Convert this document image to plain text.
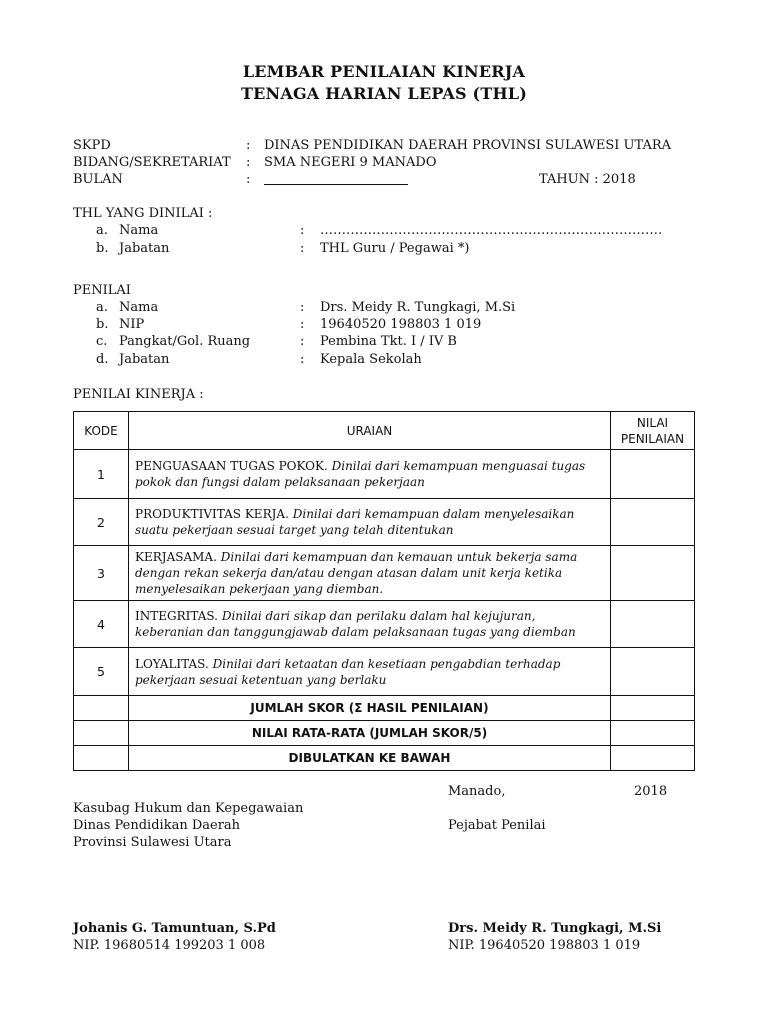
LEMBAR PENILAIAN KINERJA
TENAGA HARIAN LEPAS (THL)
SKPD	: DINAS PENDIDIKAN DAERAH PROVINSI SULAWESI UTARA
BIDANG/SEKRETARIAT : SMA NEGERI 9 MANADO
BULAN	:	TAHUN : 2018
THL YANG DINILAI :
a. Nama	: …………………………………………………………………….
b. Jabatan	: THL Guru / Pegawai *)
PENILAI
a. Nama	: Drs. Meidy R. Tungkagi, M.Si
b. NIP	: 19640520 198803 1 019
c. Pangkat/Gol. Ruang	: Pembina Tkt. I / IV B
d. Jabatan	: Kepala Sekolah
PENILAI KINERJA :
KODE	URAIAN	NILAI
PENILAIAN

1	PENGUASAAN TUGAS POKOK. Dinilai dari kemampuan menguasai tugas pokok dan fungsi dalam pelaksanaan pekerjaan	
2	PRODUKTIVITAS KERJA. Dinilai dari kemampuan dalam menyelesaikan suatu pekerjaan sesuai target yang telah ditentukan	
3	KERJASAMA. Dinilai dari kemampuan dan kemauan untuk bekerja sama dengan rekan sekerja dan/atau dengan atasan dalam unit kerja ketika menyelesaikan pekerjaan yang diemban.	
4	INTEGRITAS. Dinilai dari sikap dan perilaku dalam hal kejujuran, keberanian dan tanggungjawab dalam pelaksanaan tugas yang diemban	
5	LOYALITAS. Dinilai dari ketaatan dan kesetiaan pengabdian terhadap pekerjaan sesuai ketentuan yang berlaku	
	JUMLAH SKOR (Σ HASIL PENILAIAN)	
	NILAI RATA-RATA (JUMLAH SKOR/5)	
	DIBULATKAN KE BAWAH	
Manado,	2018
Kasubag Hukum dan Kepegawaian
Dinas Pendidikan Daerah	Pejabat Penilai
Provinsi Sulawesi Utara
Johanis G. Tamuntuan, S.Pd	Drs. Meidy R. Tungkagi, M.Si
NIP. 19680514 199203 1 008	NIP. 19640520 198803 1 019
